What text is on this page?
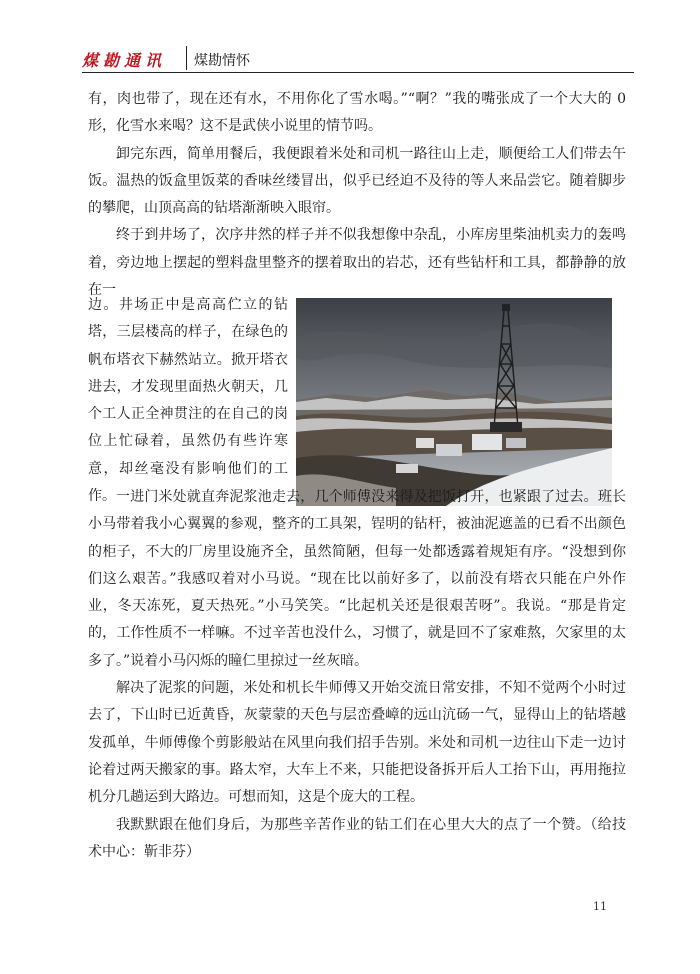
煤勘通讯 煤勘情怀

有，肉也带了，现在还有水，不用你化了雪水喝。”“啊？”我的嘴张成了一个大大的 0 形，化雪水来喝？这不是武侠小说里的情节吗。

卸完东西，简单用餐后，我便跟着米处和司机一路往山上走，顺便给工人们带去午饭。温热的饭盒里饭菜的香味丝缕冒出，似乎已经迫不及待的等人来品尝它。随着脚步的攀爬，山顶高高的钻塔渐渐映入眼帘。

终于到井场了，次序井然的样子并不似我想像中杂乱，小库房里柴油机卖力的轰鸣着，旁边地上摆起的塑料盘里整齐的摆着取出的岩芯，还有些钻杆和工具，都静静的放在一

边。井场正中是高高伫立的钻塔，三层楼高的样子，在绿色的帆布塔衣下赫然站立。掀开塔衣进去，才发现里面热火朝天，几个工人正全神贯注的在自己的岗位上忙碌着，虽然仍有些许寒意，却丝毫没有影响他们的工作。 一进门米处就直奔泥浆池走去，几个师傅没来得及把饭打开，也紧跟了过去。班长小马带着我小心翼翼的参观，整齐的工具架，锃明的钻杆，被油泥遮盖的已看不出颜色的柜子，不大的厂房里设施齐全，虽然简陋，但每一处都透露着规矩有序。“没想到你们这么艰苦。”我感叹着对小马说。“现在比以前好多了，以前没有塔衣只能在户外作业，冬天冻死，夏天热死。”小马笑笑。“比起机关还是很艰苦呀”。我说。“那是肯定的，工作性质不一样嘛。不过辛苦也没什么，习惯了，就是回不了家难熬，欠家里的太多了。”说着小马闪烁的瞳仁里掠过一丝灰暗。

解决了泥浆的问题，米处和机长牛师傅又开始交流日常安排，不知不觉两个小时过去了，下山时已近黄昏，灰蒙蒙的天色与层峦叠嶂的远山沆砀一气，显得山上的钻塔越发孤单，牛师傅像个剪影般站在风里向我们招手告别。米处和司机一边往山下走一边讨论着过两天搬家的事。路太窄，大车上不来，只能把设备拆开后人工抬下山，再用拖拉机分几趟运到大路边。可想而知，这是个庞大的工程。

我默默跟在他们身后，为那些辛苦作业的钻工们在心里大大的点了一个赞。（给技术中心：靳非芬）

11
